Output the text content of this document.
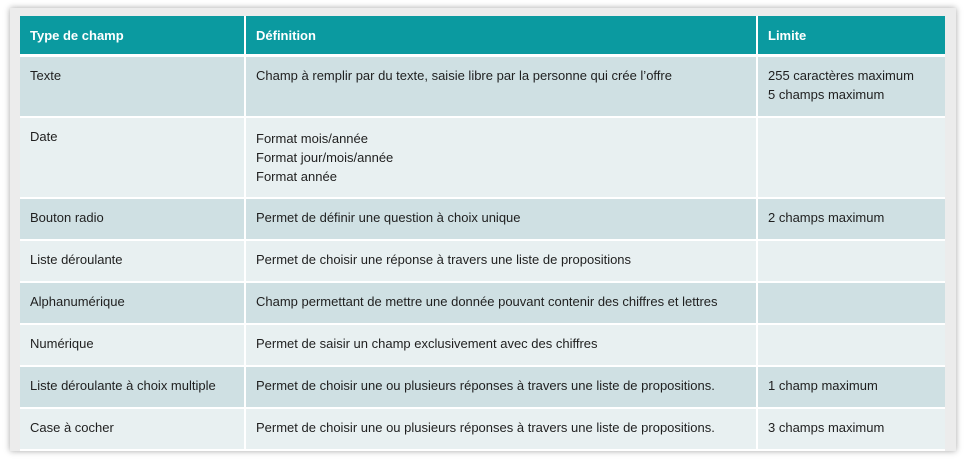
Type de champ	Définition	Limite
Texte	Champ à remplir par du texte, saisie libre par la personne qui crée l’offre	255 caractères maximum
5 champs maximum

Date	Format mois/année
Format jour/mois/année
Format année	

Bouton radio	Permet de définir une question à choix unique	2 champs maximum

Liste déroulante	Permet de choisir une réponse à travers une liste de propositions	

Alphanumérique	Champ permettant de mettre une donnée pouvant contenir des chiffres et lettres	

Numérique	Permet de saisir un champ exclusivement avec des chiffres	

Liste déroulante à choix multiple	Permet de choisir une ou plusieurs réponses à travers une liste de propositions.	1 champ maximum

Case à cocher	Permet de choisir une ou plusieurs réponses à travers une liste de propositions.	3 champs maximum
